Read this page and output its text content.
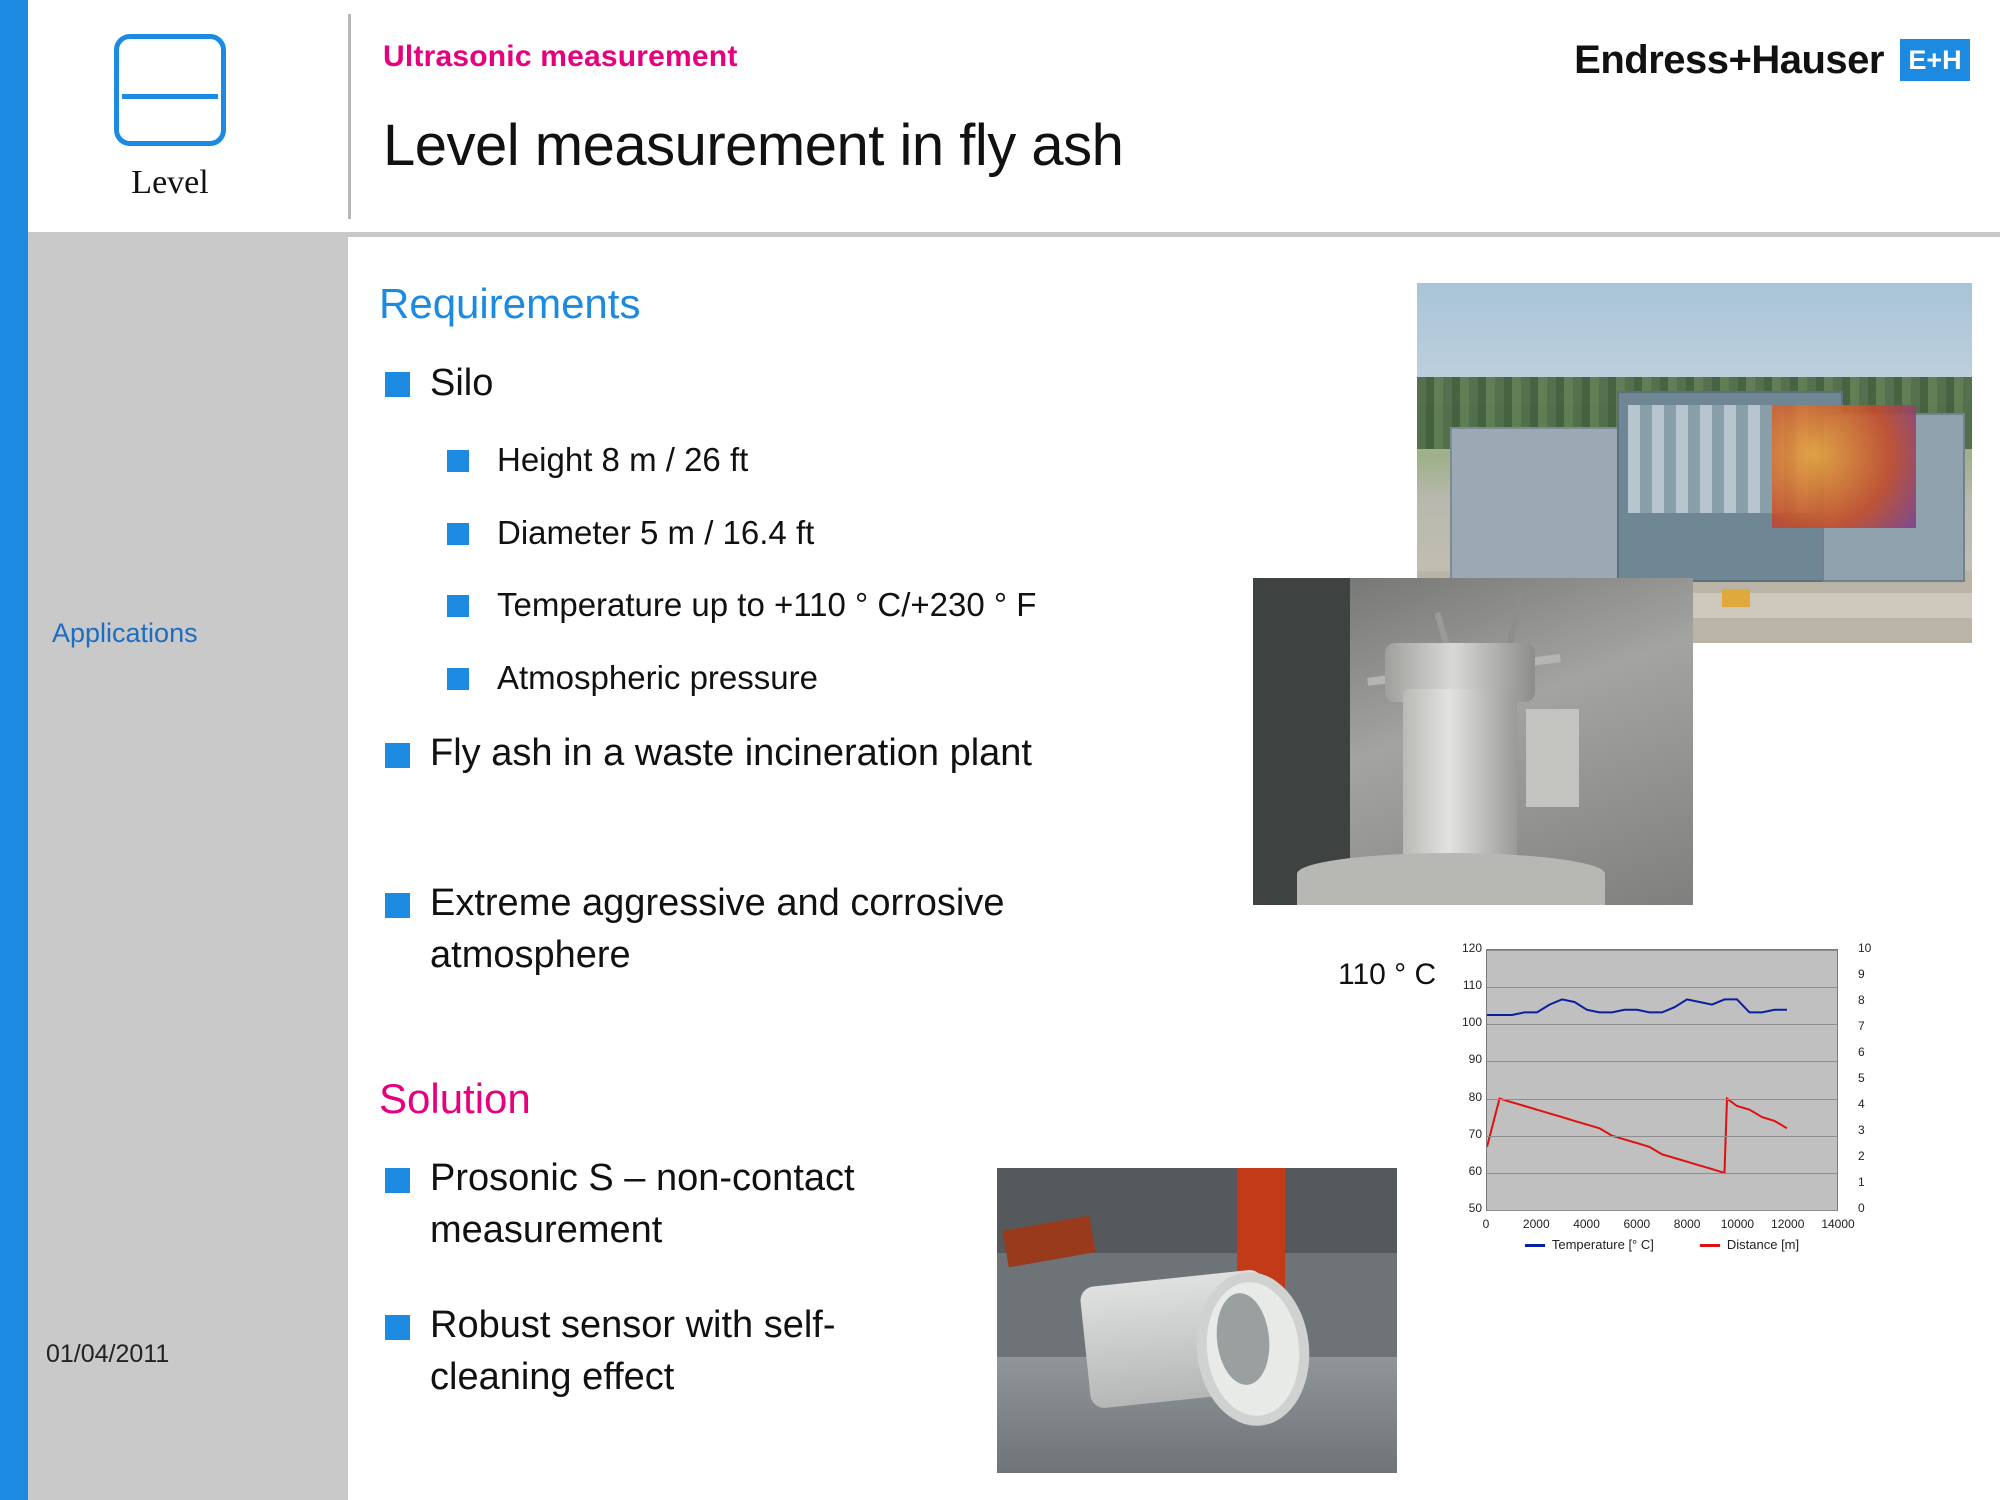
Level
Ultrasonic measurement
Level measurement in fly ash
Endress+Hauser E+H
Applications
01/04/2011
Requirements
Silo
Height 8 m / 26 ft
Diameter 5 m / 16.4 ft
Temperature up to +110 ° C/+230 ° F
Atmospheric pressure
Fly ash in a waste incineration plant
Extreme aggressive and corrosive atmosphere
Solution
Prosonic S – non-contact measurement
Robust sensor with self-cleaning effect
110 ° C
120
110
100
90
80
70
60
50
10
9
8
7
6
5
4
3
2
1
0
0	2000 4000 6000 8000 10000 12000 14000
Temperature [° C]	Distance [m]
